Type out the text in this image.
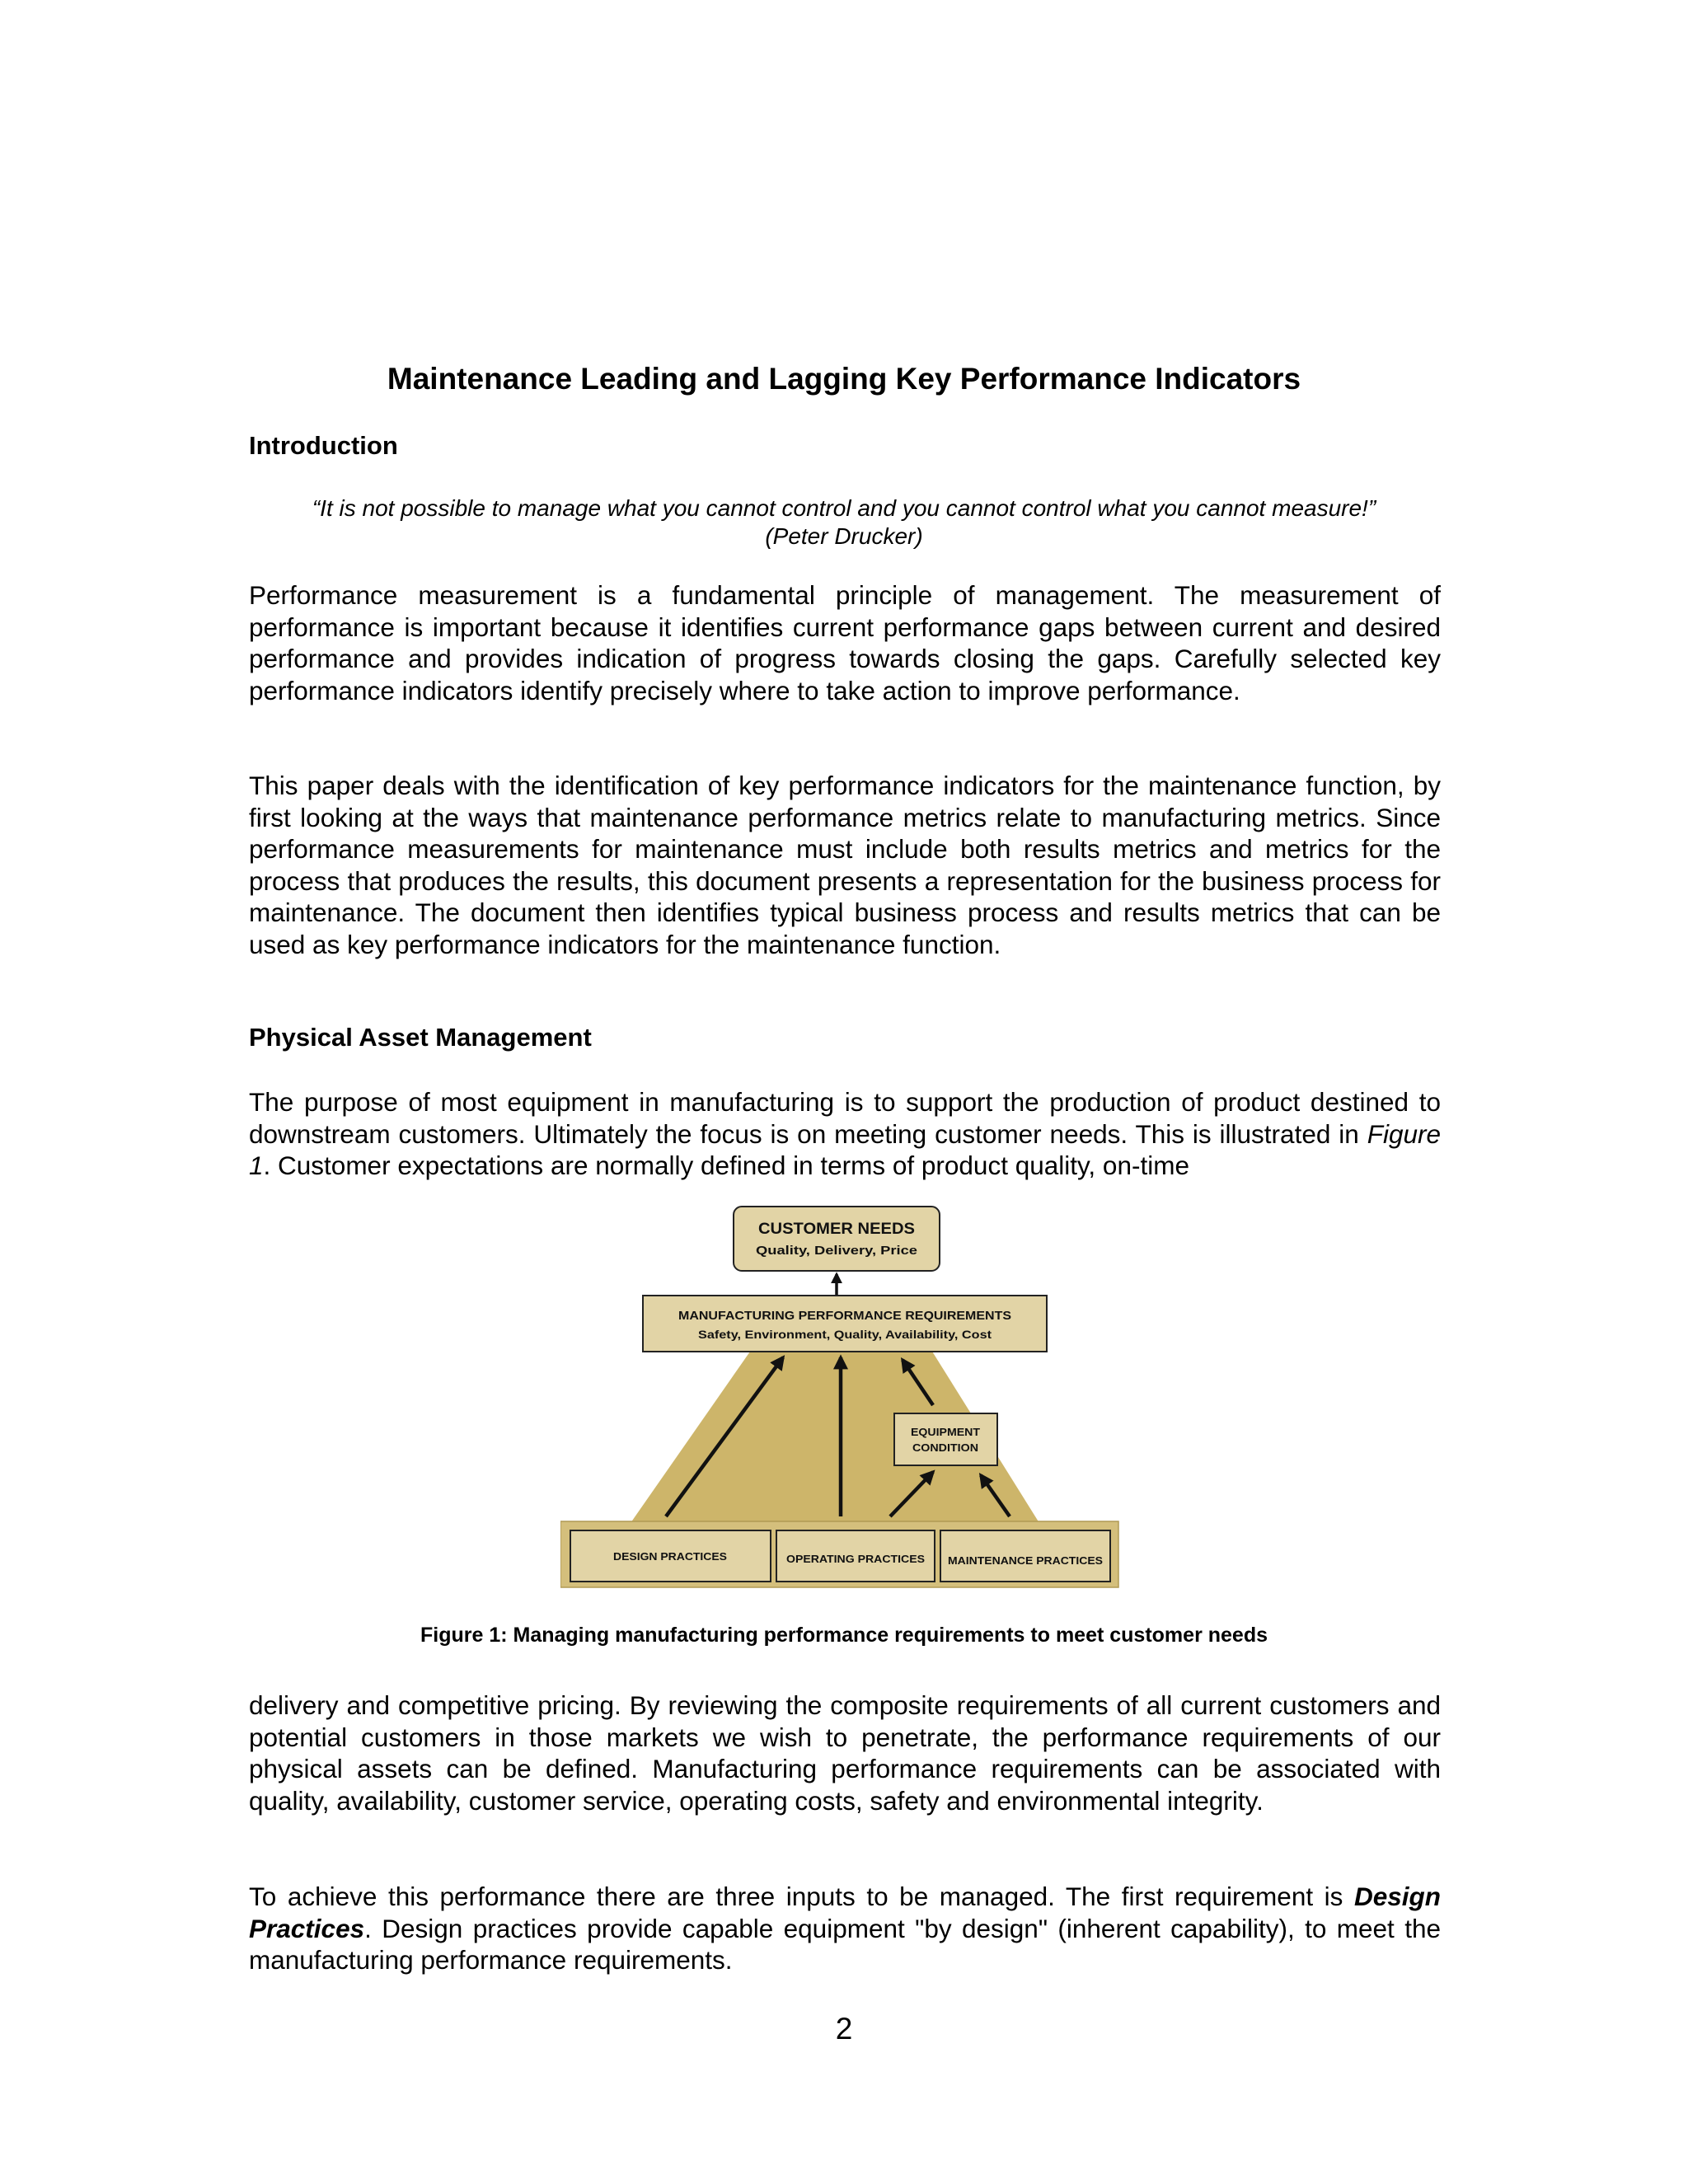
Maintenance Leading and Lagging Key Performance Indicators
Introduction
“It is not possible to manage what you cannot control and you cannot control what you cannot measure!”
(Peter Drucker)
Performance measurement is a fundamental principle of management. The measurement of performance is important because it identifies current performance gaps between current and desired performance and provides indication of progress towards closing the gaps. Carefully selected key performance indicators identify precisely where to take action to improve performance.
This paper deals with the identification of key performance indicators for the maintenance function, by first looking at the ways that maintenance performance metrics relate to manufacturing metrics. Since performance measurements for maintenance must include both results metrics and metrics for the process that produces the results, this document presents a representation for the business process for maintenance. The document then identifies typical business process and results metrics that can be used as key performance indicators for the maintenance function.
Physical Asset Management
The purpose of most equipment in manufacturing is to support the production of product destined to downstream customers. Ultimately the focus is on meeting customer needs. This is illustrated in Figure 1. Customer expectations are normally defined in terms of product quality, on-time
CUSTOMER NEEDS
Quality, Delivery, Price
MANUFACTURING PERFORMANCE REQUIREMENTS
Safety, Environment, Quality, Availability, Cost
EQUIPMENT
CONDITION
DESIGN PRACTICES	OPERATING PRACTICES MAINTENANCE PRACTICES
Figure 1: Managing manufacturing performance requirements to meet customer needs
delivery and competitive pricing. By reviewing the composite requirements of all current customers and potential customers in those markets we wish to penetrate, the performance requirements of our physical assets can be defined. Manufacturing performance requirements can be associated with quality, availability, customer service, operating costs, safety and environmental integrity.
To achieve this performance there are three inputs to be managed. The first requirement is Design Practices. Design practices provide capable equipment "by design" (inherent capability), to meet the manufacturing performance requirements.
2
